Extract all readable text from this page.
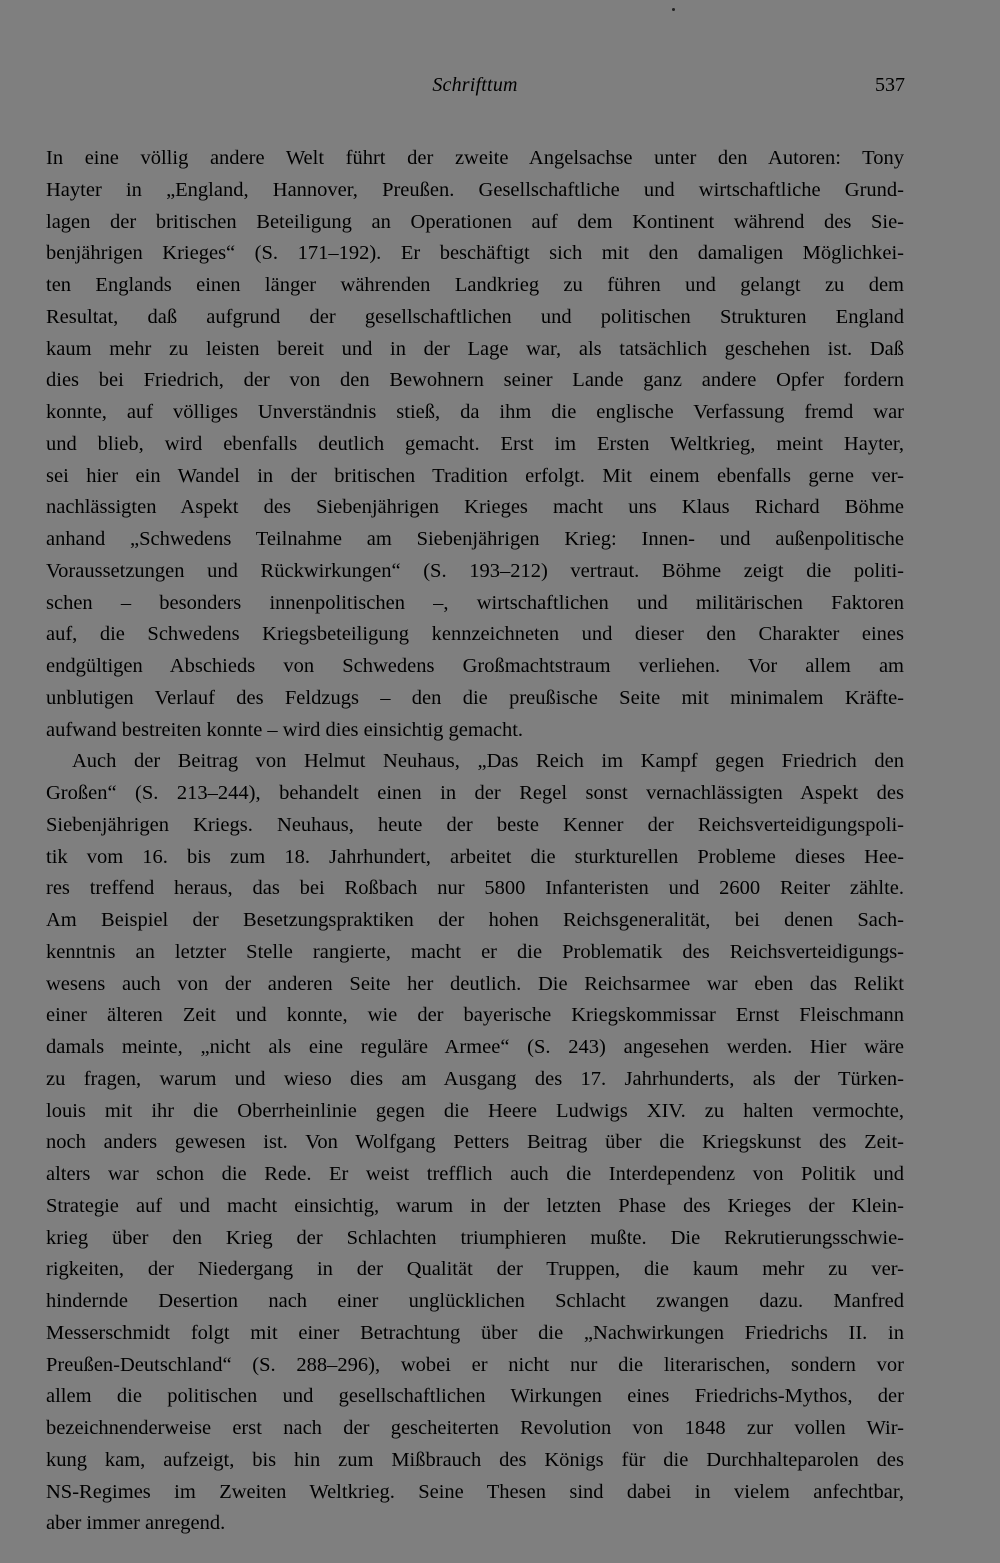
Schrifttum	537
In eine völlig andere Welt führt der zweite Angelsachse unter den Autoren: Tony
Hayter in „England, Hannover, Preußen. Gesellschaftliche und wirtschaftliche Grund-
lagen der britischen Beteiligung an Operationen auf dem Kontinent während des Sie-
benjährigen Krieges“ (S. 171–192). Er beschäftigt sich mit den damaligen Möglichkei-
ten Englands einen länger währenden Landkrieg zu führen und gelangt zu dem
Resultat, daß aufgrund der gesellschaftlichen und politischen Strukturen England
kaum mehr zu leisten bereit und in der Lage war, als tatsächlich geschehen ist. Daß
dies bei Friedrich, der von den Bewohnern seiner Lande ganz andere Opfer fordern
konnte, auf völliges Unverständnis stieß, da ihm die englische Verfassung fremd war
und blieb, wird ebenfalls deutlich gemacht. Erst im Ersten Weltkrieg, meint Hayter,
sei hier ein Wandel in der britischen Tradition erfolgt. Mit einem ebenfalls gerne ver-
nachlässigten Aspekt des Siebenjährigen Krieges macht uns Klaus Richard Böhme
anhand „Schwedens Teilnahme am Siebenjährigen Krieg: Innen- und außenpolitische
Voraussetzungen und Rückwirkungen“ (S. 193–212) vertraut. Böhme zeigt die politi-
schen – besonders innenpolitischen –, wirtschaftlichen und militärischen Faktoren
auf, die Schwedens Kriegsbeteiligung kennzeichneten und dieser den Charakter eines
endgültigen Abschieds von Schwedens Großmachtstraum verliehen. Vor allem am
unblutigen Verlauf des Feldzugs – den die preußische Seite mit minimalem Kräfte-
aufwand bestreiten konnte – wird dies einsichtig gemacht.
Auch der Beitrag von Helmut Neuhaus, „Das Reich im Kampf gegen Friedrich den
Großen“ (S. 213–244), behandelt einen in der Regel sonst vernachlässigten Aspekt des
Siebenjährigen Kriegs. Neuhaus, heute der beste Kenner der Reichsverteidigungspoli-
tik vom 16. bis zum 18. Jahrhundert, arbeitet die sturkturellen Probleme dieses Hee-
res treffend heraus, das bei Roßbach nur 5800 Infanteristen und 2600 Reiter zählte.
Am Beispiel der Besetzungspraktiken der hohen Reichsgeneralität, bei denen Sach-
kenntnis an letzter Stelle rangierte, macht er die Problematik des Reichsverteidigungs-
wesens auch von der anderen Seite her deutlich. Die Reichsarmee war eben das Relikt
einer älteren Zeit und konnte, wie der bayerische Kriegskommissar Ernst Fleischmann
damals meinte, „nicht als eine reguläre Armee“ (S. 243) angesehen werden. Hier wäre
zu fragen, warum und wieso dies am Ausgang des 17. Jahrhunderts, als der Türken-
louis mit ihr die Oberrheinlinie gegen die Heere Ludwigs XIV. zu halten vermochte,
noch anders gewesen ist. Von Wolfgang Petters Beitrag über die Kriegskunst des Zeit-
alters war schon die Rede. Er weist trefflich auch die Interdependenz von Politik und
Strategie auf und macht einsichtig, warum in der letzten Phase des Krieges der Klein-
krieg über den Krieg der Schlachten triumphieren mußte. Die Rekrutierungsschwie-
rigkeiten, der Niedergang in der Qualität der Truppen, die kaum mehr zu ver-
hindernde Desertion nach einer unglücklichen Schlacht zwangen dazu. Manfred
Messerschmidt folgt mit einer Betrachtung über die „Nachwirkungen Friedrichs II. in
Preußen-Deutschland“ (S. 288–296), wobei er nicht nur die literarischen, sondern vor
allem die politischen und gesellschaftlichen Wirkungen eines Friedrichs-Mythos, der
bezeichnenderweise erst nach der gescheiterten Revolution von 1848 zur vollen Wir-
kung kam, aufzeigt, bis hin zum Mißbrauch des Königs für die Durchhalteparolen des
NS-Regimes im Zweiten Weltkrieg. Seine Thesen sind dabei in vielem anfechtbar,
aber immer anregend.
